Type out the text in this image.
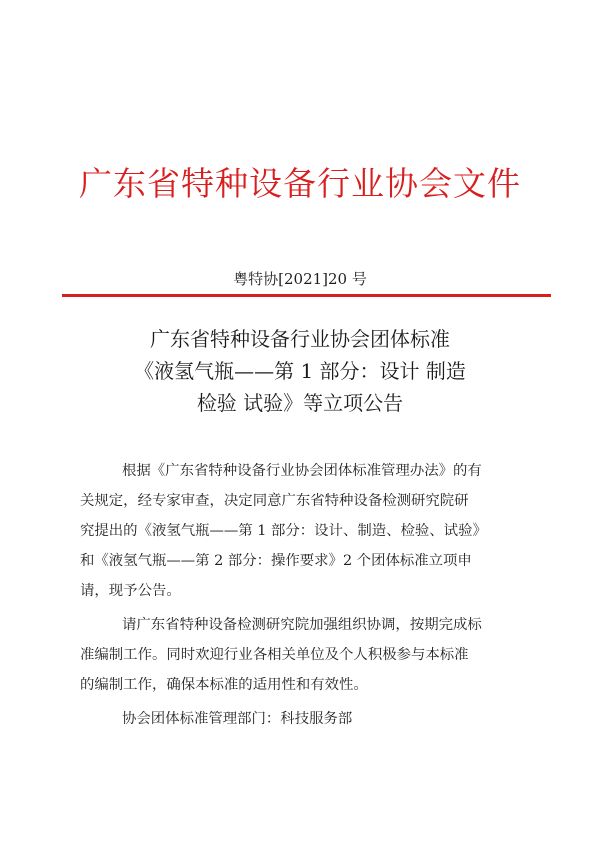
广东省特种设备行业协会文件
粤特协[2021]20 号
广东省特种设备行业协会团体标准
《液氢气瓶——第 1 部分：设计 制造
检验 试验》等立项公告
根据《广东省特种设备行业协会团体标准管理办法》的有
关规定，经专家审查，决定同意广东省特种设备检测研究院研
究提出的《液氢气瓶——第 1 部分：设计、制造、检验、试验》
和《液氢气瓶——第 2 部分：操作要求》2 个团体标准立项申
请，现予公告。
请广东省特种设备检测研究院加强组织协调，按期完成标
准编制工作。同时欢迎行业各相关单位及个人积极参与本标准
的编制工作，确保本标准的适用性和有效性。
协会团体标准管理部门：科技服务部
